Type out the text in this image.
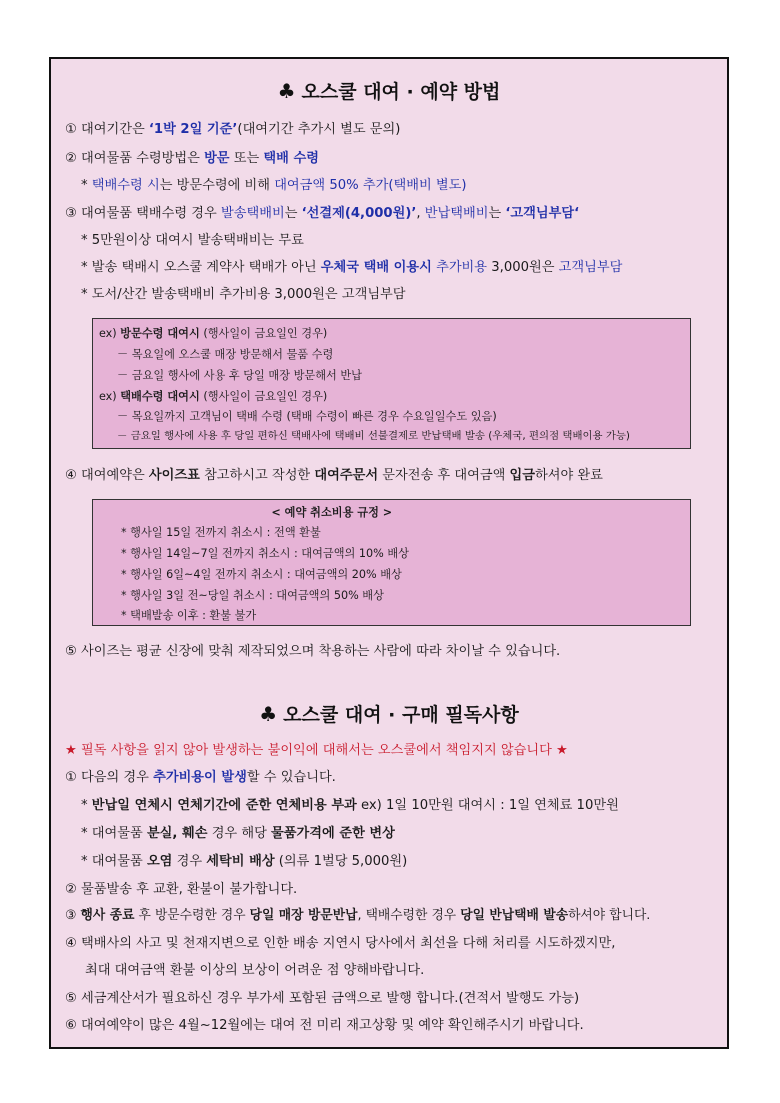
♣ 오스쿨 대여 · 예약 방법
① 대여기간은 ‘1박 2일 기준’(대여기간 추가시 별도 문의)
② 대여물품 수령방법은 방문 또는 택배 수령
* 택배수령 시는 방문수령에 비해 대여금액 50% 추가(택배비 별도)
③ 대여물품 택배수령 경우 발송택배비는 ‘선결제(4,000원)’, 반납택배비는 ‘고객님부담‘
* 5만원이상 대여시 발송택배비는 무료
* 발송 택배시 오스쿨 계약사 택배가 아닌 우체국 택배 이용시 추가비용 3,000원은 고객님부담
* 도서/산간 발송택배비 추가비용 3,000원은 고객님부담
ex) 방문수령 대여시 (행사일이 금요일인 경우)
－ 목요일에 오스쿨 매장 방문해서 물품 수령
－ 금요일 행사에 사용 후 당일 매장 방문해서 반납
ex) 택배수령 대여시 (행사일이 금요일인 경우)
－ 목요일까지 고객님이 택배 수령 (택배 수령이 빠른 경우 수요일일수도 있음)
－ 금요일 행사에 사용 후 당일 편하신 택배사에 택배비 선불결제로 반납택배 발송 (우체국, 편의점 택배이용 가능)
④ 대여예약은 사이즈표 참고하시고 작성한 대여주문서 문자전송 후 대여금액 입금하셔야 완료
< 예약 취소비용 규정 >
* 행사일 15일 전까지 취소시 : 전액 환불
* 행사일 14일~7일 전까지 취소시 : 대여금액의 10% 배상
* 행사일 6일~4일 전까지 취소시 : 대여금액의 20% 배상
* 행사일 3일 전~당일 취소시 : 대여금액의 50% 배상
* 택배발송 이후 : 환불 불가
⑤ 사이즈는 평균 신장에 맞춰 제작되었으며 착용하는 사람에 따라 차이날 수 있습니다.
♣ 오스쿨 대여 · 구매 필독사항
★ 필독 사항을 읽지 않아 발생하는 불이익에 대해서는 오스쿨에서 책임지지 않습니다 ★
① 다음의 경우 추가비용이 발생할 수 있습니다.
* 반납일 연체시 연체기간에 준한 연체비용 부과 ex) 1일 10만원 대여시 : 1일 연체료 10만원
* 대여물품 분실, 훼손 경우 해당 물품가격에 준한 변상
* 대여물품 오염 경우 세탁비 배상 (의류 1벌당 5,000원)
② 물품발송 후 교환, 환불이 불가합니다.
③ 행사 종료 후 방문수령한 경우 당일 매장 방문반납, 택배수령한 경우 당일 반납택배 발송하셔야 합니다.
④ 택배사의 사고 및 천재지변으로 인한 배송 지연시 당사에서 최선을 다해 처리를 시도하겠지만,
최대 대여금액 환불 이상의 보상이 어려운 점 양해바랍니다.
⑤ 세금계산서가 필요하신 경우 부가세 포함된 금액으로 발행 합니다.(견적서 발행도 가능)
⑥ 대여예약이 많은 4월~12월에는 대여 전 미리 재고상황 및 예약 확인해주시기 바랍니다.
